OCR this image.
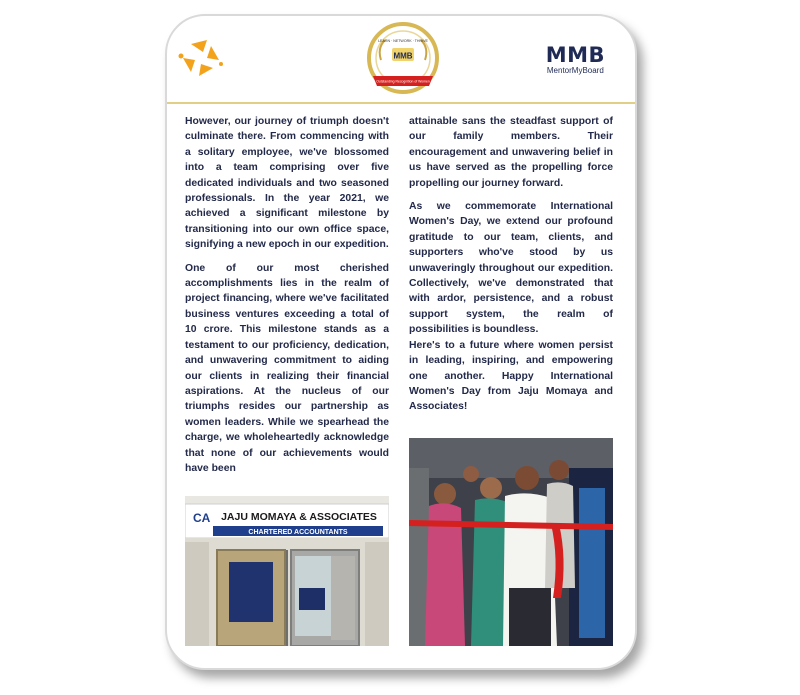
LEARN · NETWORK · THRIVE
MMB
Outstanding Recognition of Women
MMB
MentorMyBoard

However, our journey of triumph doesn't culminate there. From commencing with a solitary employee, we've blossomed into a team comprising over five dedicated individuals and two seasoned professionals. In the year 2021, we achieved a significant milestone by transitioning into our own office space, signifying a new epoch in our expedition.

One of our most cherished accomplishments lies in the realm of project financing, where we've facilitated business ventures exceeding a total of 10 crore. This milestone stands as a testament to our proficiency, dedication, and unwavering commitment to aiding our clients in realizing their financial aspirations. At the nucleus of our triumphs resides our partnership as women leaders. While we spearhead the charge, we wholeheartedly acknowledge that none of our achievements would have been

attainable sans the steadfast support of our family members. Their encouragement and unwavering belief in us have served as the propelling force propelling our journey forward.

As we commemorate International Women's Day, we extend our profound gratitude to our team, clients, and supporters who've stood by us unwaveringly throughout our expedition. Collectively, we've demonstrated that with ardor, persistence, and a robust support system, the realm of possibilities is boundless.

Here's to a future where women persist in leading, inspiring, and empowering one another. Happy International Women's Day from Jaju Momaya and Associates!

CA JAJU MOMAYA & ASSOCIATES
CHARTERED ACCOUNTANTS
